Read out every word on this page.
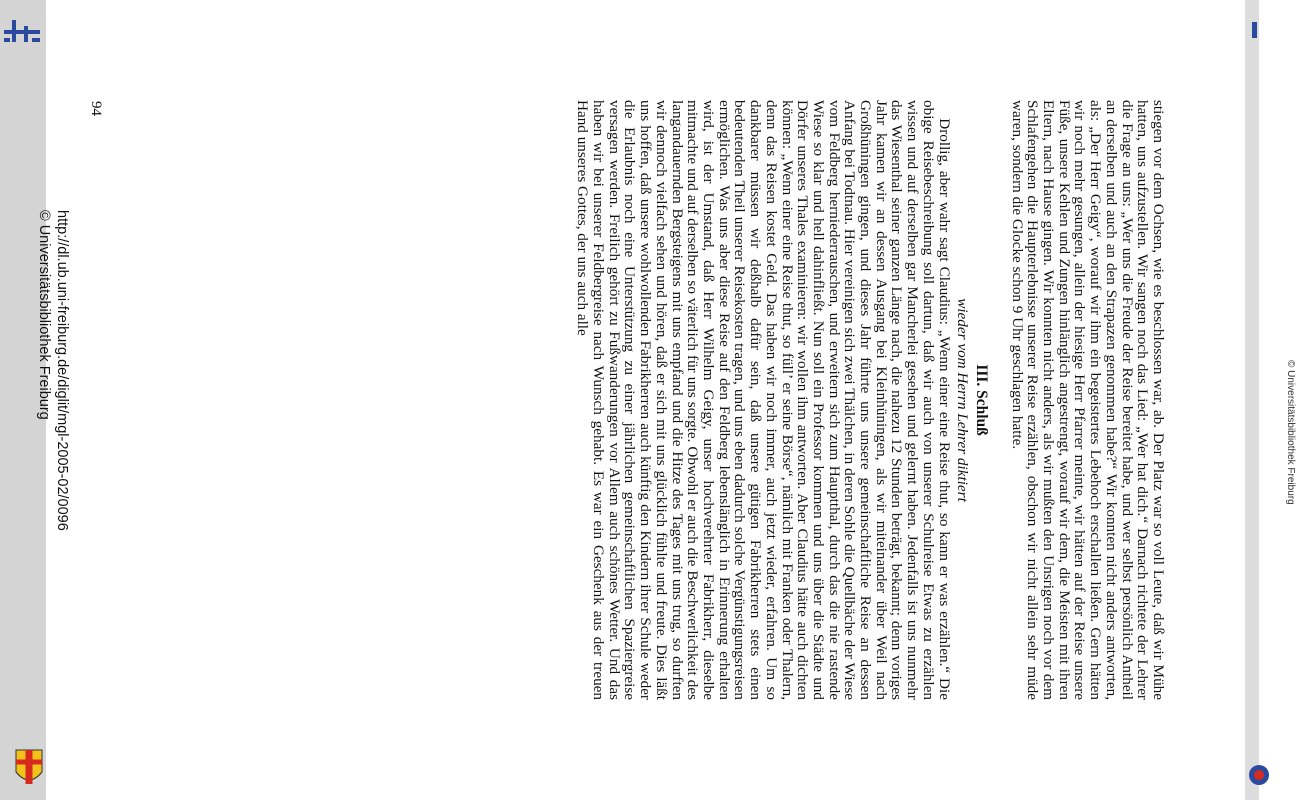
stiegen vor dem Ochsen, wie es beschlossen war, ab. Der Platz war so voll Leute, daß wir Mühe hatten, uns aufzustellen. Wir sangen noch das Lied: „Wer hat dich.“ Darnach richtete der Lehrer die Frage an uns: „Wer uns die Freude der Reise bereitet habe, und wer selbst persönlich Antheil an derselben und auch an den Strapazen genommen habe?“ Wir konnten nicht anders antworten, als: „Der Herr Geigy“, worauf wir ihm ein begeistertes Lebehoch erschallen ließen. Gern hätten wir noch mehr gesungen, allein der hiesige Herr Pfarrer meinte, wir hätten auf der Reise unsere Füße, unsere Kehlen und Zungen hinlänglich angestrengt, worauf wir dem, die Meisten mit ihren Eltern, nach Hause gingen. Wir konnten nicht anders, als wir mußten den Unsrigen noch vor dem Schlafengehen die Haupterlebnisse unserer Reise erzählen, obschon wir nicht allein sehr müde waren, sondern die Glocke schon 9 Uhr geschlagen hatte.

III. Schluß
wieder vom Herrn Lehrer diktiert

Drollig, aber wahr sagt Claudius: „Wenn einer eine Reise thut, so kann er was erzählen.“ Die obige Reisebeschreibung soll dartun, daß wir auch von unserer Schulreise Etwas zu erzählen wissen und auf derselben gar Mancherlei gesehen und gelernt haben. Jedenfalls ist uns nunmehr das Wiesenthal seiner ganzen Länge nach, die nahezu 12 Stunden beträgt, bekannt; denn voriges Jahr kamen wir an dessen Ausgang bei Kleinhüningen, als wir miteinander über Weil nach Großhüningen gingen, und dieses Jahr führte uns unsere gemeinschaftliche Reise an dessen Anfang bei Todtnau. Hier vereinigen sich zwei Thälchen, in deren Sohle die Quellbäche der Wiese vom Feldberg herniederrauschen, und erweitern sich zum Hauptthal, durch das die nie rastende Wiese so klar und hell dahinfließt. Nun soll ein Professor kommen und uns über die Städte und Dörfer unseres Thales examinieren: wir wollen ihm antworten. Aber Claudius hätte auch dichten können: „Wenn einer eine Reise thut, so füll’ er seine Börse“, nämlich mit Franken oder Thalern, denn das Reisen kostet Geld. Das haben wir noch immer, auch jetzt wieder, erfahren. Um so dankbarer müssen wir deßhalb dafür sein, daß unsere gütigen Fabrikherren stets einen bedeutenden Theil unserer Reisekosten tragen, und uns eben dadurch solche Vergünstigungsreisen ermöglichen. Was uns aber diese Reise auf den Feldberg lebenslänglich in Erinnerung erhalten wird, ist der Umstand, daß Herr Wilhelm Geigy, unser hochverehrter Fabrikherr, dieselbe mitmachte und auf derselben so väterlich für uns sorgte. Obwohl er auch die Beschwerlichkeit des langandauernden Bergsteigens mit uns empfand und die Hitze des Tages mit uns trug, so durften wir dennoch vielfach sehen und hören, daß er sich mit uns glücklich fühlte und freute. Dies läßt uns hoffen, daß unsere wohlwollenden Fabrikherren auch künftig den Kindern ihrer Schule weder die Erlaubnis noch eine Unterstützung zu einer jährlichen gemeinschaftlichen Spaziergreise versagen werden. Freilich gehört zu Fußwanderungen vor Allem auch schönes Wetter. Und das haben wir bei unserer Feldbergreise nach Wunsch gehabt. Es war ein Geschenk aus der treuen Hand unseres Gottes, der uns auch alle

94
http://dl.ub.uni-freiburg.de/diglit/mgl-2005-02/0096
© Universitätsbibliothek Freiburg
© Universitätsbibliothek Freiburg
